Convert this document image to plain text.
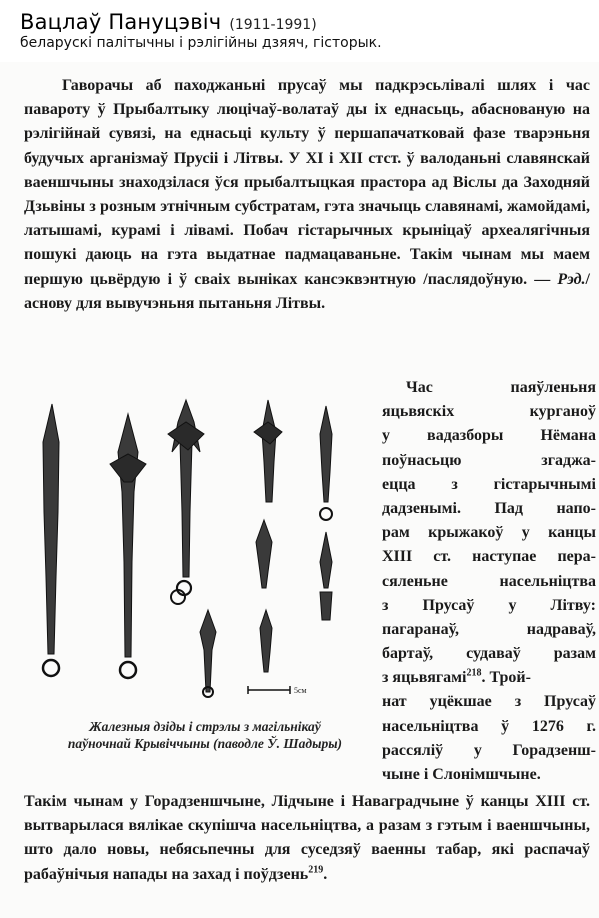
Вацлаў Пануцэвіч (1911-1991)
беларускі палітычны і рэлігійны дзяяч, гісторык.
Гаворачы аб паходжаньні прусаў мы падкрэсьлівалі шлях і час павароту ў Прыбалтыку люцічаў-волатаў ды іх еднасьць, абаснованую на рэлігійнай сувязі, на еднасьці культу ў першапачатковай фазе тварэньня будучых арганізмаў Прусіі і Літвы. У XI і XII стст. ў валоданьні славянскай ваеншчыны знаходзілася ўся прыбалтыцкая прастора ад Віслы да Заходняй Дзьвіны з розным этнічным субстратам, гэта значыць славянамі, жамойдамі, латышамі, курамі і лівамі. Побач гістарычных крыніцаў археалягічныя пошукі даюць на гэта выдатнае падмацаваньне. Такім чынам мы маем першую цьвёрдую і ў сваіх выніках кансэквэнтную /паслядоўную. — Рэд./ аснову для вывучэньня пытаньня Літвы.
5см
Жалезныя дзіды і стрэлы з магільнікаў
паўночнай Крывіччыны (паводле Ў. Шадыры)
Час паяўленьня
яцьвяскіх курганоў
у вадазборы Нёмана
поўнасьцю згаджа-
ецца з гістарычнымі
дадзенымі. Пад напо-
рам крыжакоў у канцы
XIII ст. наступае пера-
сяленьне насельніцтва
з Прусаў у Літву:
пагаранаў, надраваў,
бартаў, судаваў разам
з яцьвягамі$^{218}$. Трой-
нат уцёкшае з Прусаў
насельніцтва ў 1276 г.
рассяліў у Горадзенш-
чыне і Слонімшчыне.
Такім чынам у Горадзеншчыне, Лідчыне і Наваградчыне ў канцы XIII ст. вытварылася вялікае скупішча насельніцтва, а разам з гэтым і ваеншчыны, што дало новы, небясьпечны для суседзяў ваенны табар, які распачаў рабаўнічыя напады на захад і поўдзень$^{219}$.
